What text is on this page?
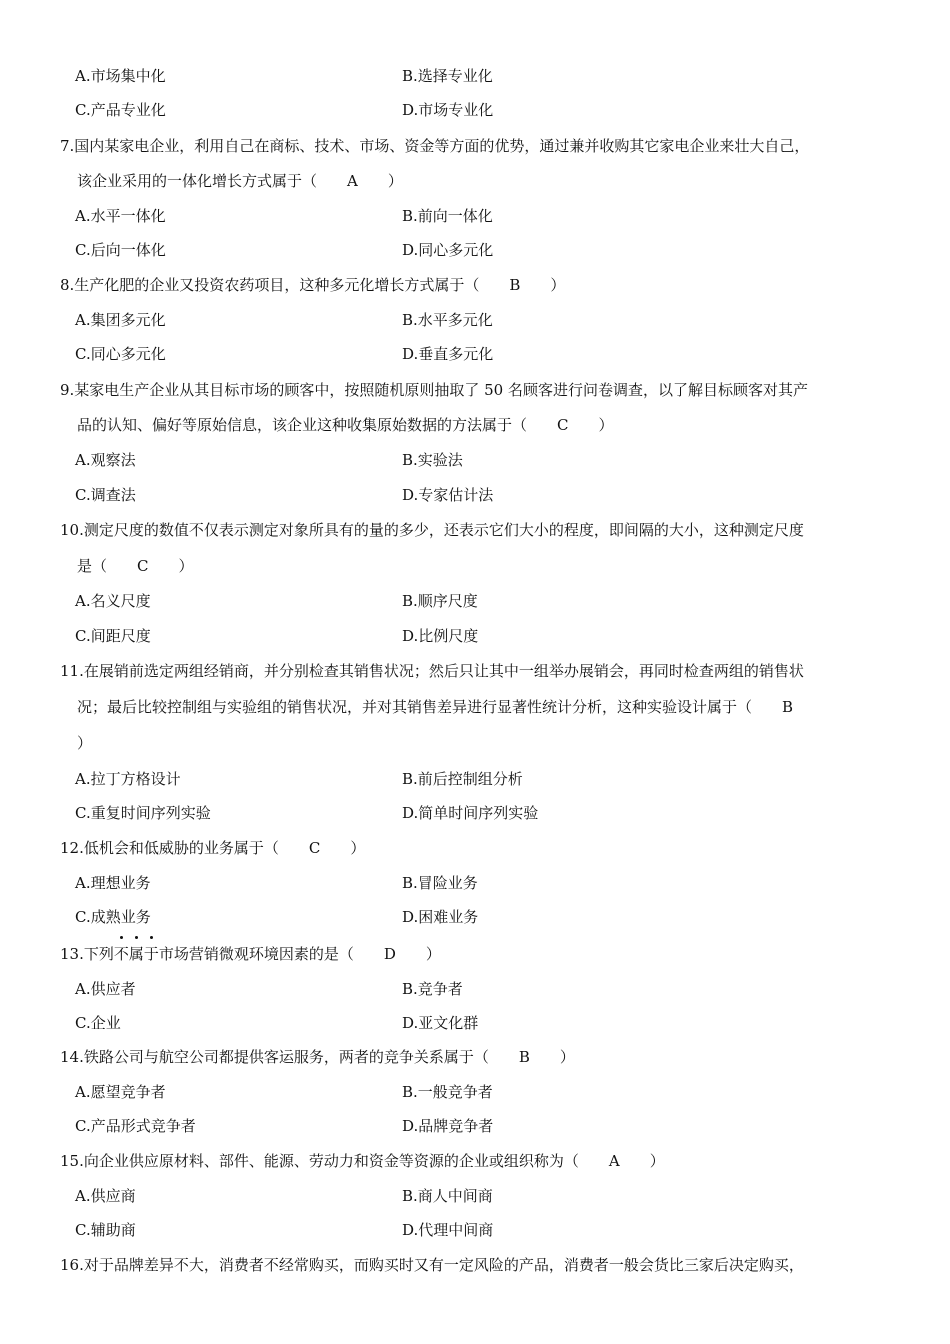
A.市场集中化	B.选择专业化
C.产品专业化	D.市场专业化
7.国内某家电企业，利用自己在商标、技术、市场、资金等方面的优势，通过兼并收购其它家电企业来壮大自己，
该企业采用的一体化增长方式属于（　　A　　）
A.水平一体化	B.前向一体化
C.后向一体化	D.同心多元化
8.生产化肥的企业又投资农药项目，这种多元化增长方式属于（　　B　　）
A.集团多元化	B.水平多元化
C.同心多元化	D.垂直多元化
9.某家电生产企业从其目标市场的顾客中，按照随机原则抽取了 50 名顾客进行问卷调查，以了解目标顾客对其产
品的认知、偏好等原始信息，该企业这种收集原始数据的方法属于（　　C　　）
A.观察法	B.实验法
C.调查法	D.专家估计法
10.测定尺度的数值不仅表示测定对象所具有的量的多少，还表示它们大小的程度，即间隔的大小，这种测定尺度
是（　　C　　）
A.名义尺度	B.顺序尺度
C.间距尺度	D.比例尺度
11.在展销前选定两组经销商，并分别检查其销售状况；然后只让其中一组举办展销会，再同时检查两组的销售状
况；最后比较控制组与实验组的销售状况，并对其销售差异进行显著性统计分析，这种实验设计属于（　　B
）
A.拉丁方格设计	B.前后控制组分析
C.重复时间序列实验	D.简单时间序列实验
12.低机会和低威胁的业务属于（　　C　　）
A.理想业务	B.冒险业务
C.成熟业务	D.困难业务
13.下列
不属于市场营销微观环境因素的是（　　D　　）
A.供应者	B.竞争者
C.企业	D.亚文化群
14.铁路公司与航空公司都提供客运服务，两者的竞争关系属于（　　B　　）
A.愿望竞争者	B.一般竞争者
C.产品形式竞争者	D.品牌竞争者
15.向企业供应原材料、部件、能源、劳动力和资金等资源的企业或组织称为（　　A　　）
A.供应商	B.商人中间商
C.辅助商	D.代理中间商
16.对于品牌差异不大，消费者不经常购买，而购买时又有一定风险的产品，消费者一般会货比三家后决定购买，
